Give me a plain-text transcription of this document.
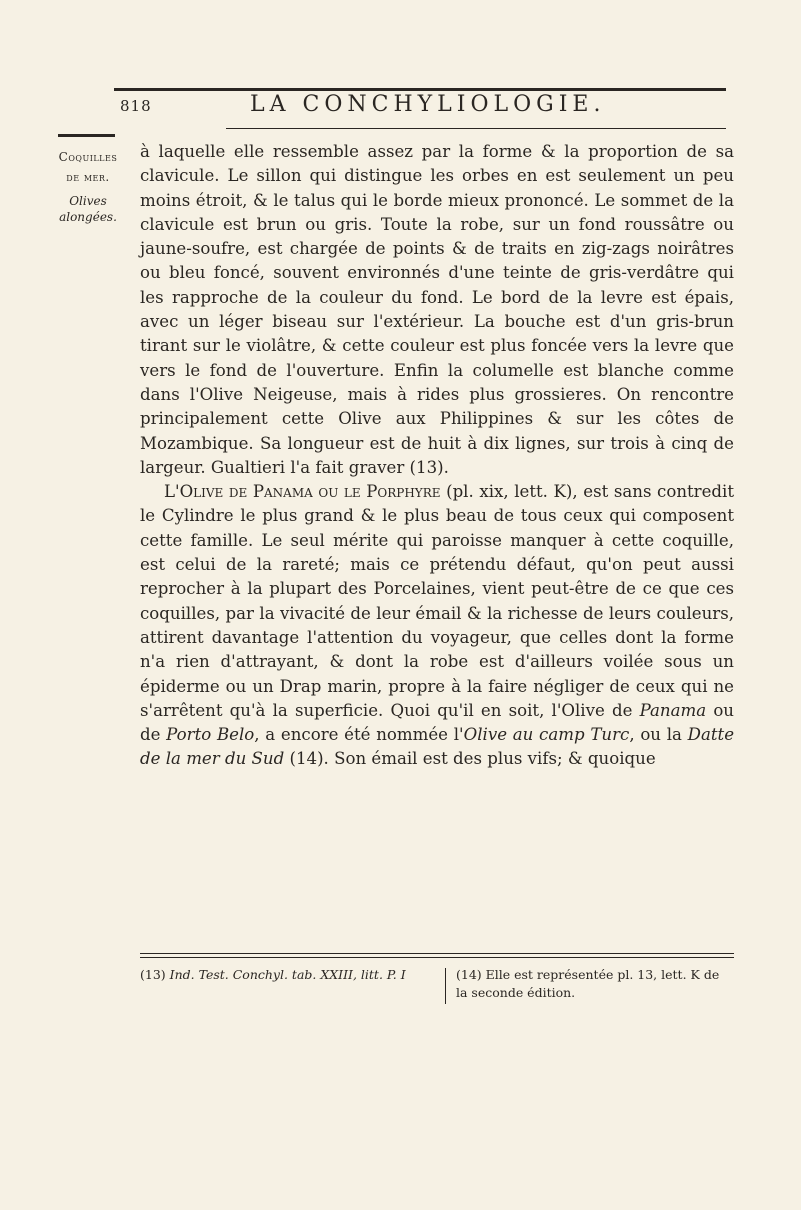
818	LA CONCHYLIOLOGIE.
Coquilles
de mer.
Olives
alongées.

à laquelle elle ressemble assez par la forme & la proportion de sa clavicule. Le sillon qui distingue les orbes en est seulement un peu moins étroit, & le talus qui le borde mieux prononcé. Le sommet de la clavicule est brun ou gris. Toute la robe, sur un fond roussâtre ou jaune-soufre, est chargée de points & de traits en zig-zags noirâtres ou bleu foncé, souvent environnés d'une teinte de gris-verdâtre qui les rapproche de la couleur du fond. Le bord de la levre est épais, avec un léger biseau sur l'extérieur. La bouche est d'un gris-brun tirant sur le violâtre, & cette couleur est plus foncée vers la levre que vers le fond de l'ouverture. Enfin la columelle est blanche comme dans l'Olive Neigeuse, mais à rides plus grossieres. On rencontre principalement cette Olive aux Philippines & sur les côtes de Mozambique. Sa longueur est de huit à dix lignes, sur trois à cinq de largeur. Gualtieri l'a fait graver (13).

L'Olive de Panama ou le Porphyre (pl. xix, lett. K), est sans contredit le Cylindre le plus grand & le plus beau de tous ceux qui composent cette famille. Le seul mérite qui paroisse manquer à cette coquille, est celui de la rareté; mais ce prétendu défaut, qu'on peut aussi reprocher à la plupart des Porcelaines, vient peut-être de ce que ces coquilles, par la vivacité de leur émail & la richesse de leurs couleurs, attirent davantage l'attention du voyageur, que celles dont la forme n'a rien d'attrayant, & dont la robe est d'ailleurs voilée sous un épiderme ou un Drap marin, propre à la faire négliger de ceux qui ne s'arrêtent qu'à la superficie. Quoi qu'il en soit, l'Olive de Panama ou de Porto Belo, a encore été nommée l'Olive au camp Turc, ou la Datte de la mer du Sud (14). Son émail est des plus vifs; & quoique

(13) Ind. Test. Conchyl. tab. XXIII, litt. P. I	(14) Elle est représentée pl. 13, lett. K de la seconde édition.
